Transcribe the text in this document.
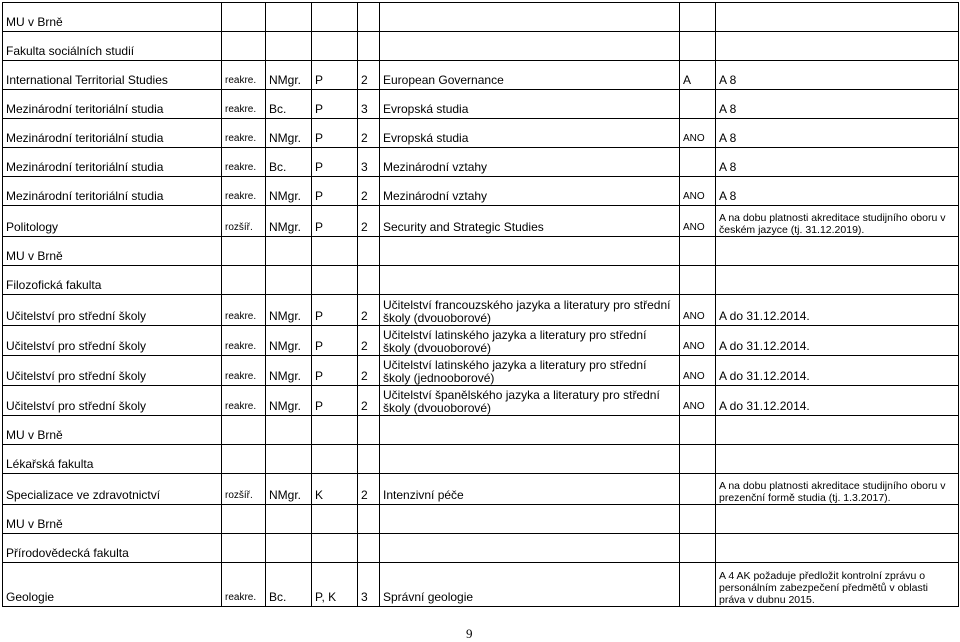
MU v Brně							
Fakulta sociálních studií							
International Territorial Studies	reakre.	NMgr.	P	2	European Governance	A	A 8
Mezinárodní teritoriální studia	reakre.	Bc.	P	3	Evropská studia		A 8
Mezinárodní teritoriální studia	reakre.	NMgr.	P	2	Evropská studia	ANO	A 8
Mezinárodní teritoriální studia	reakre.	Bc.	P	3	Mezinárodní vztahy		A 8
Mezinárodní teritoriální studia	reakre.	NMgr.	P	2	Mezinárodní vztahy	ANO	A 8
Politology	rozšíř.	NMgr.	P	2	Security and Strategic Studies	ANO	A na dobu platnosti akreditace studijního oboru v českém jazyce (tj. 31.12.2019).
MU v Brně							
Filozofická fakulta							
Učitelství pro střední školy	reakre.	NMgr.	P	2	Učitelství francouzského jazyka a literatury pro střední školy (dvouoborové)	ANO	A do 31.12.2014.
Učitelství pro střední školy	reakre.	NMgr.	P	2	Učitelství latinského jazyka a literatury pro střední školy (dvouoborové)	ANO	A do 31.12.2014.
Učitelství pro střední školy	reakre.	NMgr.	P	2	Učitelství latinského jazyka a literatury pro střední školy (jednooborové)	ANO	A do 31.12.2014.
Učitelství pro střední školy	reakre.	NMgr.	P	2	Učitelství španělského jazyka a literatury pro střední školy (dvouoborové)	ANO	A do 31.12.2014.
MU v Brně							
Lékařská fakulta							
Specializace ve zdravotnictví	rozšíř.	NMgr.	K	2	Intenzivní péče		A na dobu platnosti akreditace studijního oboru v prezenční formě studia (tj. 1.3.2017).
MU v Brně							
Přírodovědecká fakulta							
Geologie	reakre.	Bc.	P, K	3	Správní geologie		A 4 AK požaduje předložit kontrolní zprávu o personálním zabezpečení předmětů v oblasti práva v dubnu 2015.
9
